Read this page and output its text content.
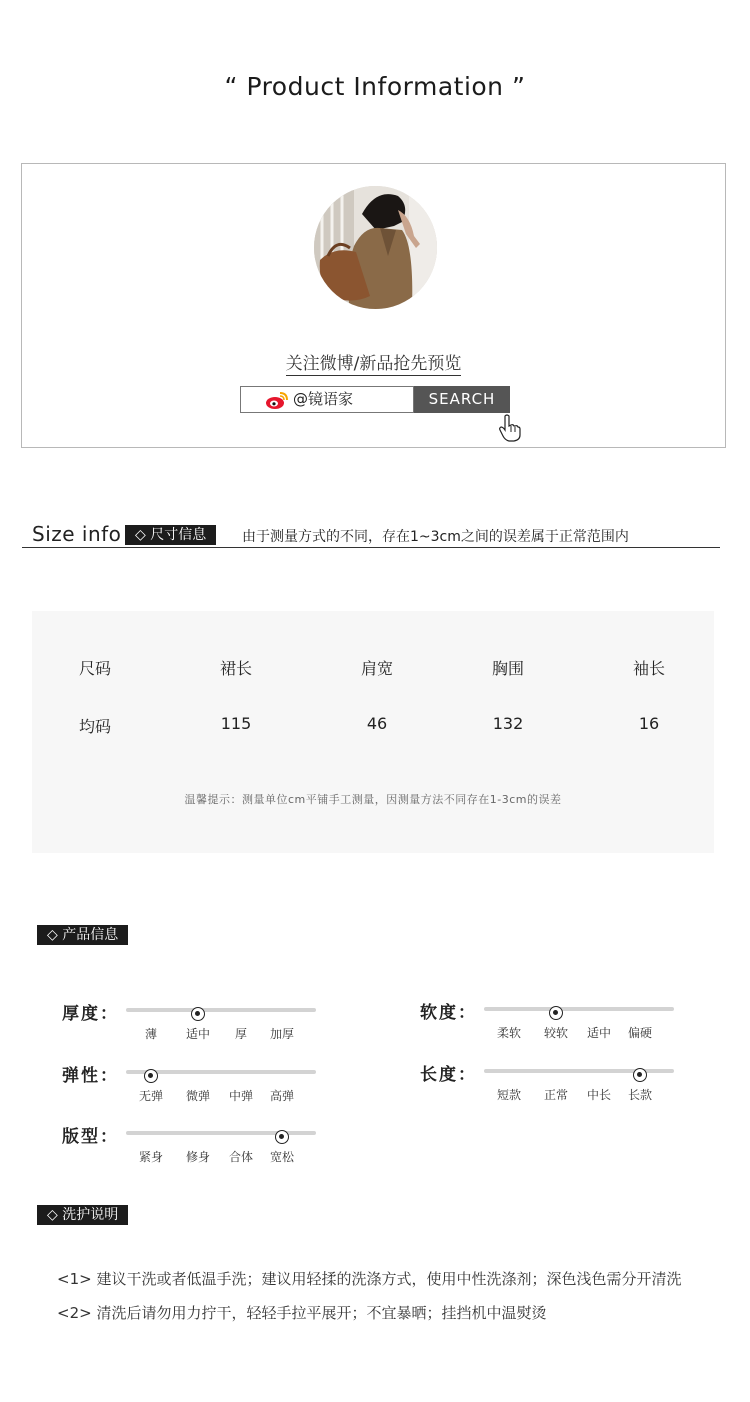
“ Product Information ”
关注微博/新品抢先预览
@镜语家	SEARCH
Size info ◇ 尺寸信息	由于测量方式的不同，存在1~3cm之间的误差属于正常范围内
尺码	裙长	肩宽	胸围	袖长
均码	115	46	132	16
温馨提示：测量单位cm平铺手工测量，因测量方法不同存在1-3cm的误差
◇ 产品信息
厚度：
薄 适中 厚 加厚
软度：
柔软 较软 适中 偏硬
弹性：
无弹 微弹 中弹 高弹
长度：
短款 正常 中长 长款
版型：
紧身 修身 合体 宽松
◇ 洗护说明
<1> 建议干洗或者低温手洗；建议用轻揉的洗涤方式，使用中性洗涤剂；深色浅色需分开清洗
<2> 清洗后请勿用力拧干，轻轻手拉平展开；不宜暴晒；挂挡机中温熨烫
